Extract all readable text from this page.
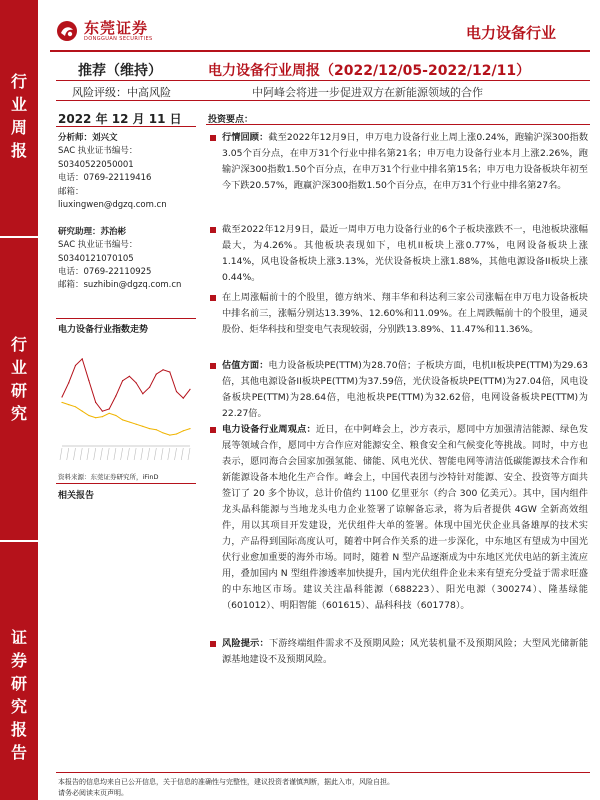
行
业
周
报
行
业
研
究
证
券
研
究
报
告
东莞证券
DONGGUAN SECURITIES	电力设备行业
推荐（维持）	电力设备行业周报（2022/12/05-2022/12/11）
风险评级：中高风险	中阿峰会将进一步促进双方在新能源领域的合作
2022 年 12 月 11 日
分析师：刘兴文
SAC 执业证书编号：
S0340522050001
电话：0769-22119416
邮箱：
liuxingwen@dgzq.com.cn
研究助理：苏治彬
SAC 执业证书编号：
S0340121070105
电话：0769-22110925
邮箱：suzhibin@dgzq.com.cn
电力设备行业指数走势
资料来源：东莞证券研究所，iFinD
相关报告
投资要点：
行情回顾：截至2022年12月9日，申万电力设备行业上周上涨0.24%，跑输沪深300指数3.05个百分点，在申万31个行业中排名第21名；申万电力设备行业本月上涨2.26%，跑输沪深300指数1.50个百分点，在申万31个行业中排名第15名；申万电力设备板块年初至今下跌20.57%，跑赢沪深300指数1.50个百分点，在申万31个行业中排名第27名。
截至2022年12月9日，最近一周申万电力设备行业的6个子板块涨跌不一，电池板块涨幅最大，为4.26%。其他板块表现如下，电机II板块上涨0.77%，电网设备板块上涨1.14%，风电设备板块上涨3.13%，光伏设备板块上涨1.88%，其他电源设备II板块上涨0.44%。
在上周涨幅前十的个股里，德方纳米、翔丰华和科达利三家公司涨幅在申万电力设备板块中排名前三，涨幅分别达13.39%、12.60%和11.09%。在上周跌幅前十的个股里，通灵股份、炬华科技和望变电气表现较弱，分别跌13.89%、11.47%和11.36%。
估值方面：电力设备板块PE(TTM)为28.70倍；子板块方面，电机II板块PE(TTM)为29.63倍，其他电源设备II板块PE(TTM)为37.59倍，光伏设备板块PE(TTM)为27.04倍，风电设备板块PE(TTM)为28.64倍，电池板块PE(TTM)为32.62倍，电网设备板块PE(TTM)为22.27倍。
电力设备行业周观点：近日，在中阿峰会上，沙方表示，愿同中方加强清洁能源、绿色发展等领域合作，愿同中方合作应对能源安全、粮食安全和气候变化等挑战。同时，中方也表示，愿同海合会国家加强氢能、储能、风电光伏、智能电网等清洁低碳能源技术合作和新能源设备本地化生产合作。峰会上，中国代表团与沙特针对能源、安全、投资等方面共签订了 20 多个协议，总计价值约 1100 亿里亚尔（约合 300 亿美元）。其中，国内组件龙头晶科能源与当地龙头电力企业签署了谅解备忘录，将为后者提供 4GW 全新高效组件，用以其项目开发建设，光伏组件大单的签署。体现中国光伏企业具备雄厚的技术实力，产品得到国际高度认可，随着中阿合作关系的进一步深化，中东地区有望成为中国光伏行业愈加重要的海外市场。同时，随着 N 型产品逐渐成为中东地区光伏电站的新主流应用，叠加国内 N 型组件渗透率加快提升，国内光伏组件企业未来有望充分受益于需求旺盛的中东地区市场。建议关注晶科能源（688223）、阳光电源（300274）、隆基绿能（601012）、明阳智能（601615）、晶科科技（601778）。
风险提示：下游终端组件需求不及预期风险；风光装机量不及预期风险；大型风光储新能源基地建设不及预期风险。
本报告的信息均来自已公开信息，关于信息的准确性与完整性，建议投资者谨慎判断，据此入市，风险自担。
请务必阅读末页声明。
